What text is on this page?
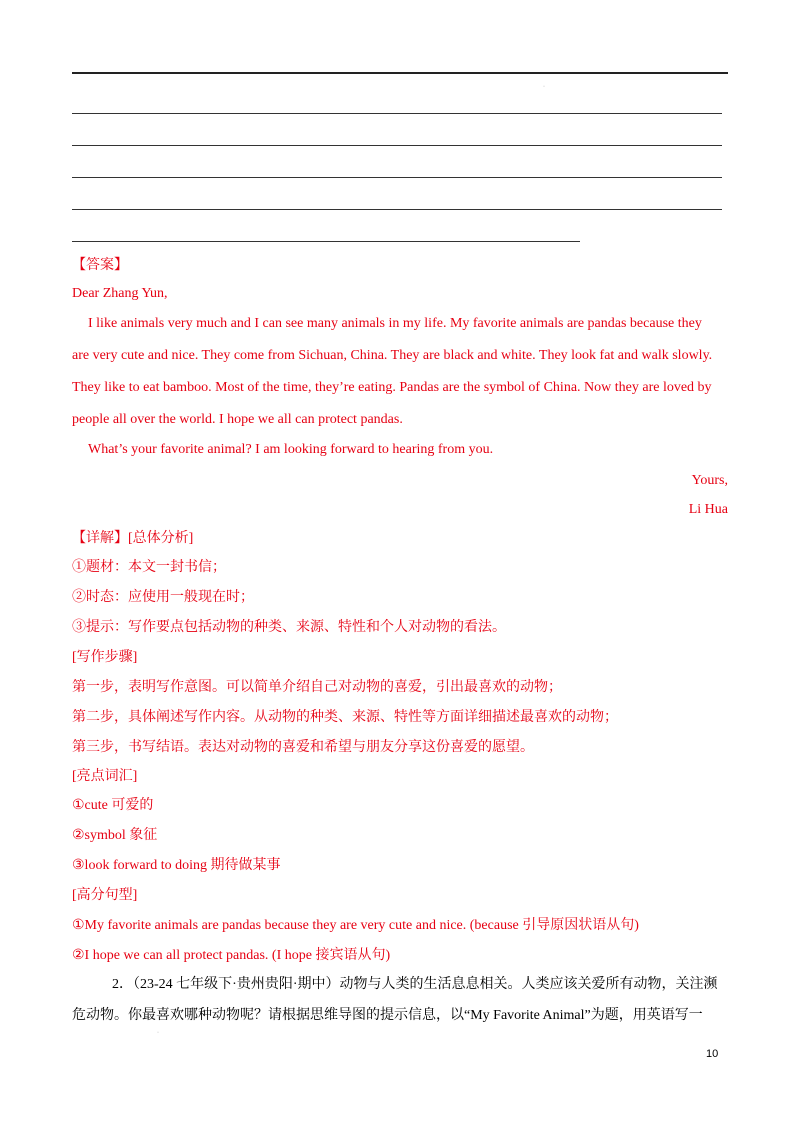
·
【答案】
Dear Zhang Yun,
I like animals very much and I can see many animals in my life. My favorite animals are pandas because they
are very cute and nice. They come from Sichuan, China. They are black and white. They look fat and walk slowly.
They like to eat bamboo. Most of the time, they’re eating. Pandas are the symbol of China. Now they are loved by
people all over the world. I hope we all can protect pandas.
What’s your favorite animal? I am looking forward to hearing from you.
Yours,
Li Hua
【详解】[总体分析]
①题材：本文一封书信；
②时态：应使用一般现在时；
③提示：写作要点包括动物的种类、来源、特性和个人对动物的看法。
[写作步骤]
第一步，表明写作意图。可以简单介绍自己对动物的喜爱，引出最喜欢的动物；
第二步，具体阐述写作内容。从动物的种类、来源、特性等方面详细描述最喜欢的动物；
第三步，书写结语。表达对动物的喜爱和希望与朋友分享这份喜爱的愿望。
[亮点词汇]
①cute 可爱的
②symbol 象征
③look forward to doing 期待做某事
[高分句型]
①My favorite animals are pandas because they are very cute and nice. (because 引导原因状语从句)
②I hope we can all protect pandas. (I hope 接宾语从句)
2．（23-24 七年级下·贵州贵阳·期中）动物与人类的生活息息相关。人类应该关爱所有动物，关注濒
危动物。你最喜欢哪种动物呢？请根据思维导图的提示信息，以“My Favorite Animal”为题，用英语写一
·
10
